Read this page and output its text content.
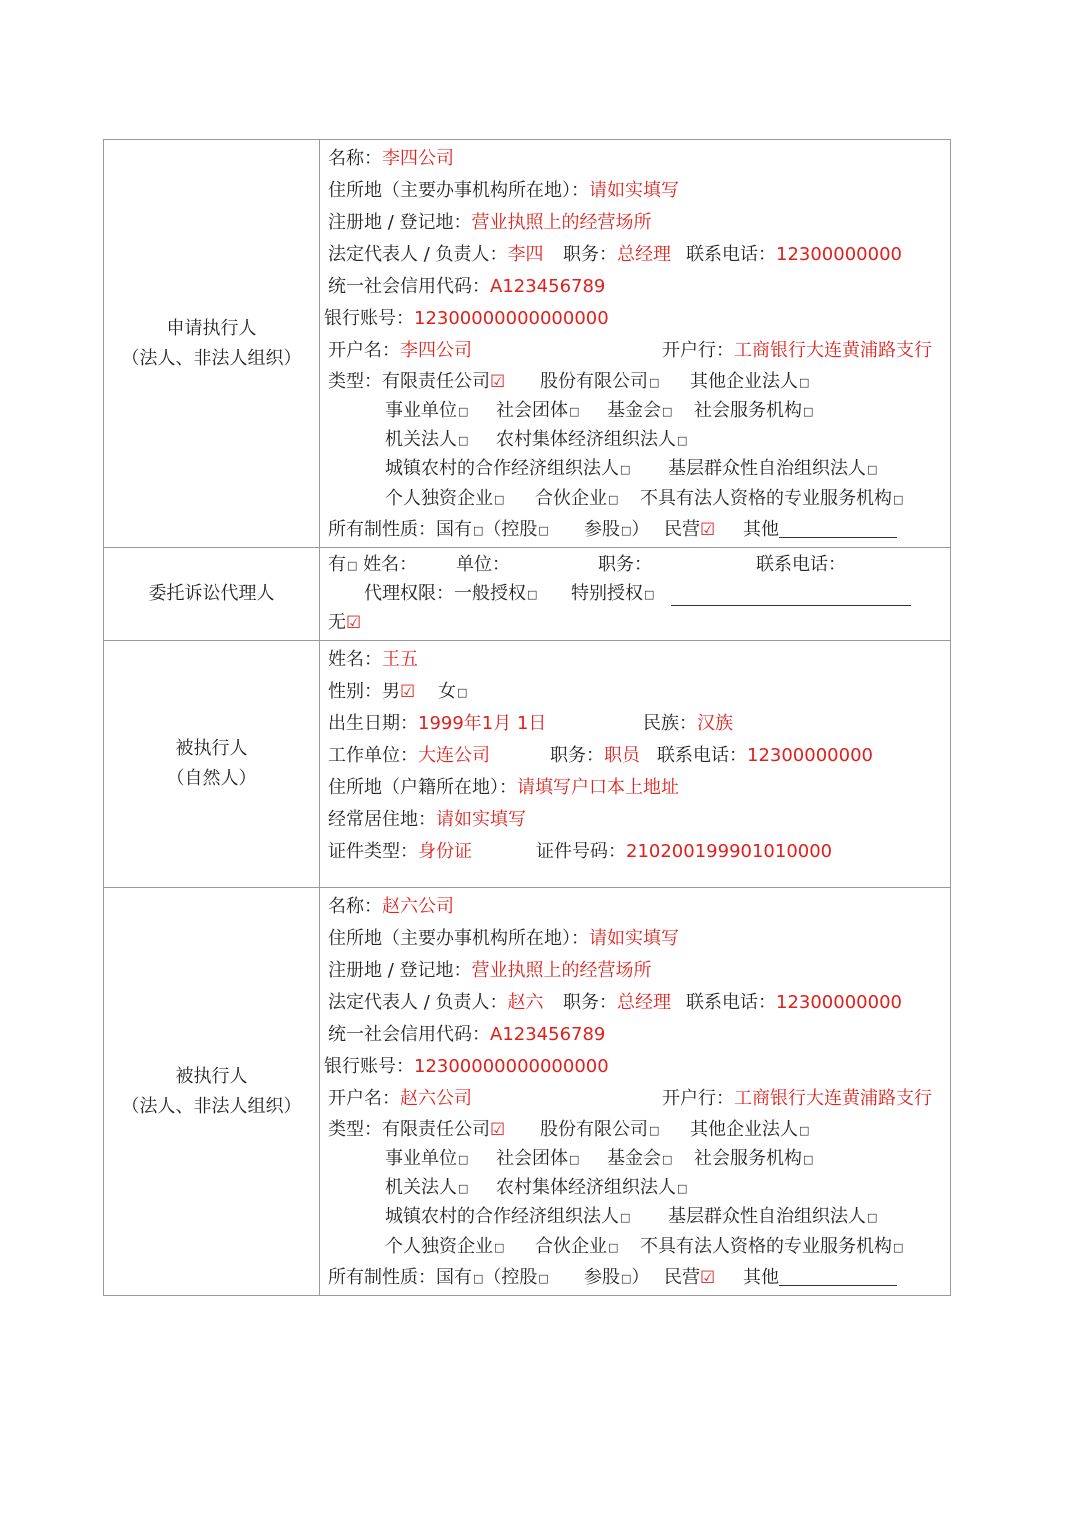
申请执行人
（法人、非法人组织）
名称：李四公司
住所地（主要办事机构所在地）：请如实填写
注册地 / 登记地：营业执照上的经营场所
法定代表人 / 负责人：李四 职务：总经理 联系电话：12300000000
统一社会信用代码：A123456789
银行账号：12300000000000000
开户名：李四公司	开户行：工商银行大连黄浦路支行
类型：有限责任公司☑ 股份有限公司□ 其他企业法人□
事业单位□ 社会团体□ 基金会□ 社会服务机构□
机关法人□ 农村集体经济组织法人□
城镇农村的合作经济组织法人□ 基层群众性自治组织法人□
个人独资企业□ 合伙企业□ 不具有法人资格的专业服务机构□
所有制性质：国有□（控股□ 参股□） 民营☑ 其他
委托诉讼代理人
有□ 姓名： 单位：	职务：	联系电话：
代理权限：一般授权□ 特别授权□
无☑
被执行人
（自然人）
姓名：王五
性别：男☑ 女□
出生日期：1999年1月 1日	民族：汉族
工作单位：大连公司	职务：职员 联系电话：12300000000
住所地（户籍所在地）：请填写户口本上地址
经常居住地：请如实填写
证件类型：身份证	证件号码：210200199901010000
被执行人
（法人、非法人组织）
名称：赵六公司
住所地（主要办事机构所在地）：请如实填写
注册地 / 登记地：营业执照上的经营场所
法定代表人 / 负责人：赵六 职务：总经理 联系电话：12300000000
统一社会信用代码：A123456789
银行账号：12300000000000000
开户名：赵六公司	开户行：工商银行大连黄浦路支行
类型：有限责任公司☑ 股份有限公司□ 其他企业法人□
事业单位□ 社会团体□ 基金会□ 社会服务机构□
机关法人□ 农村集体经济组织法人□
城镇农村的合作经济组织法人□ 基层群众性自治组织法人□
个人独资企业□ 合伙企业□ 不具有法人资格的专业服务机构□
所有制性质：国有□（控股□ 参股□） 民营☑ 其他
